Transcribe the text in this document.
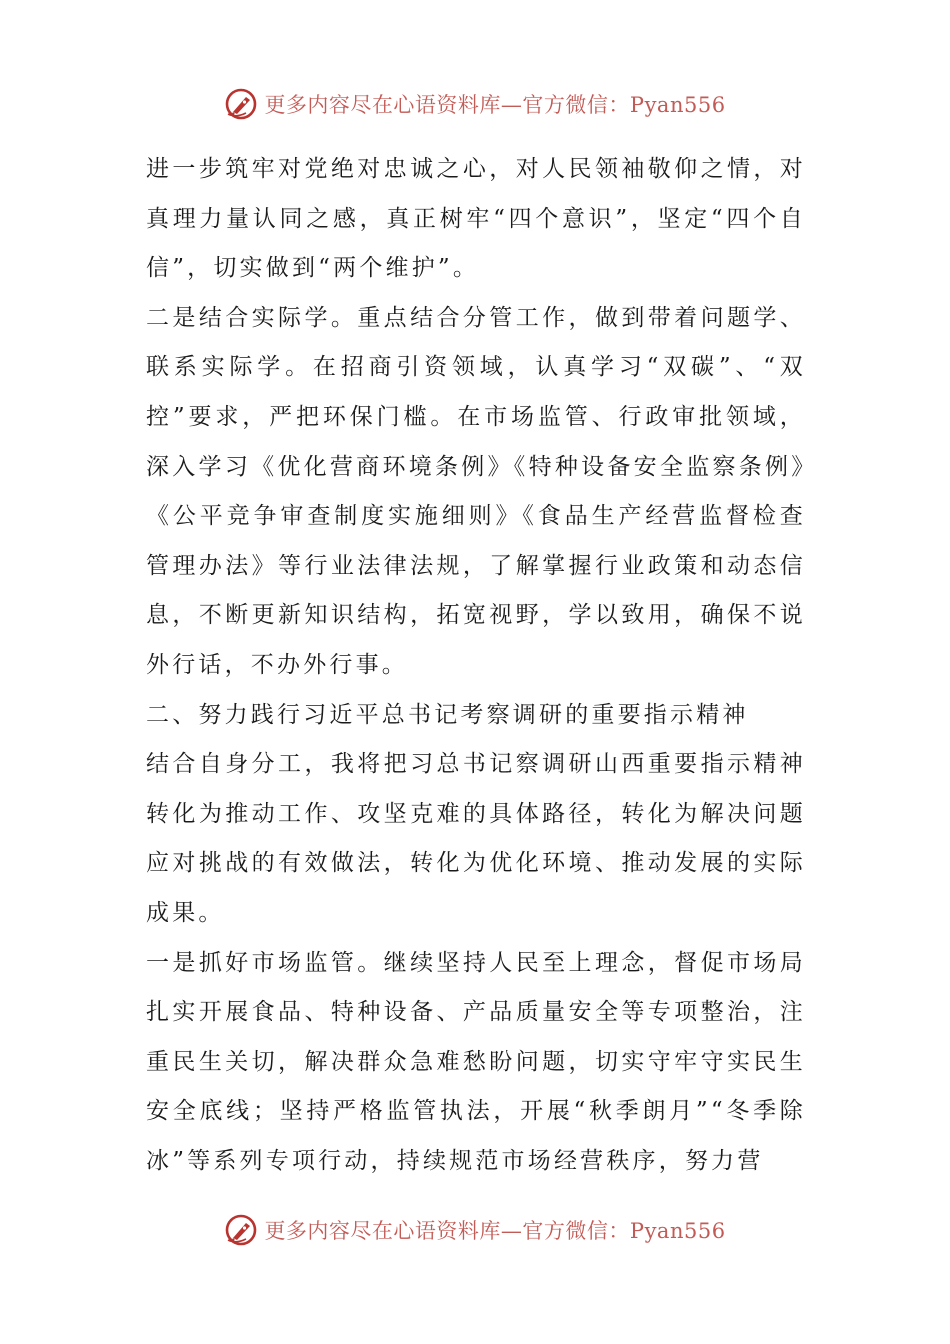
更多内容尽在心语资料库—官方微信：Pyan556

进一步筑牢对党绝对忠诚之心，对人民领袖敬仰之情，对真理力量认同之感，真正树牢“四个意识”，坚定“四个自信”，切实做到“两个维护”。

二是结合实际学。重点结合分管工作，做到带着问题学、联系实际学。在招商引资领域，认真学习“双碳”、“双控”要求，严把环保门槛。在市场监管、行政审批领域，深入学习《优化营商环境条例》《特种设备安全监察条例》《公平竞争审查制度实施细则》《食品生产经营监督检查管理办法》等行业法律法规，了解掌握行业政策和动态信息，不断更新知识结构，拓宽视野，学以致用，确保不说外行话，不办外行事。

二、努力践行习近平总书记考察调研的重要指示精神

结合自身分工，我将把习总书记察调研山西重要指示精神转化为推动工作、攻坚克难的具体路径，转化为解决问题应对挑战的有效做法，转化为优化环境、推动发展的实际成果。

一是抓好市场监管。继续坚持人民至上理念，督促市场局扎实开展食品、特种设备、产品质量安全等专项整治，注重民生关切，解决群众急难愁盼问题，切实守牢守实民生安全底线；坚持严格监管执法，开展“秋季朗月”“冬季除冰”等系列专项行动，持续规范市场经营秩序，努力营

更多内容尽在心语资料库—官方微信：Pyan556
